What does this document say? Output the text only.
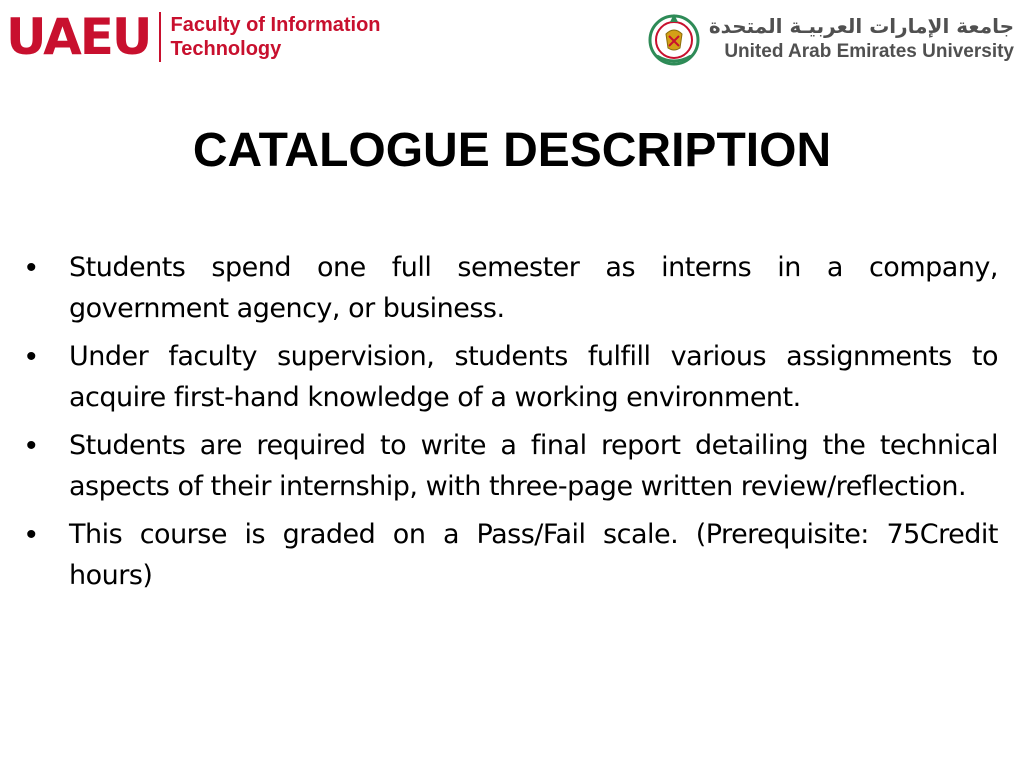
UAEU Faculty of Information
Technology
جامعة الإمارات العربيـة المتحدة
United Arab Emirates University
CATALOGUE DESCRIPTION
• Students spend one full semester as interns in a company, government agency, or business.
• Under faculty supervision, students fulfill various assignments to acquire first-hand knowledge of a working environment.
• Students are required to write a final report detailing the technical aspects of their internship, with three-page written review/reflection.
• This course is graded on a Pass/Fail scale. (Prerequisite: 75Credit hours)
